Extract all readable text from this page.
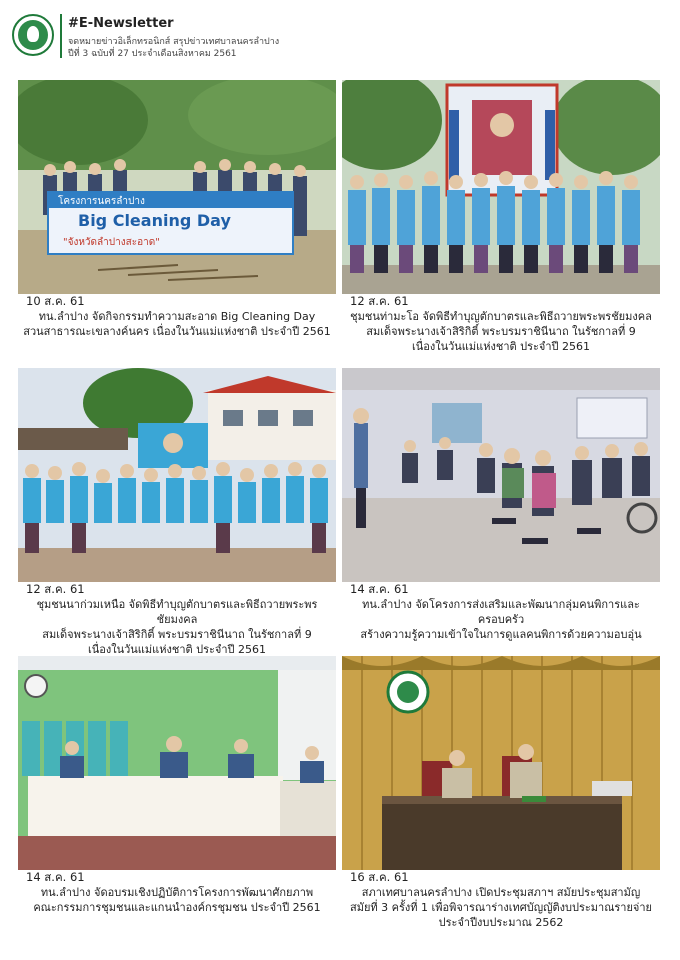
#E-Newsletter
จดหมายข่าวอิเล็กทรอนิกส์ สรุปข่าวเทศบาลนครลำปาง
ปีที่ 3 ฉบับที่ 27 ประจำเดือนสิงหาคม 2561
โครงการนครลำปาง
Big Cleaning Day
"จังหวัดลำปางสะอาด"
10 ส.ค. 61
ทน.ลำปาง จัดกิจกรรมทำความสะอาด Big Cleaning Day
สวนสาธารณะเขลางค์นคร เนื่องในวันแม่แห่งชาติ ประจำปี 2561
12 ส.ค. 61
ชุมชนท่ามะโอ จัดพิธีทำบุญตักบาตรและพิธีถวายพระพรชัยมงคล
สมเด็จพระนางเจ้าสิริกิติ์ พระบรมราชินีนาถ ในรัชกาลที่ 9
เนื่องในวันแม่แห่งชาติ ประจำปี 2561
12 ส.ค. 61
ชุมชนนาก่วมเหนือ จัดพิธีทำบุญตักบาตรและพิธีถวายพระพรชัยมงคล
สมเด็จพระนางเจ้าสิริกิติ์ พระบรมราชินีนาถ ในรัชกาลที่ 9
เนื่องในวันแม่แห่งชาติ ประจำปี 2561
14 ส.ค. 61
ทน.ลำปาง จัดโครงการส่งเสริมและพัฒนากลุ่มคนพิการและครอบครัว
สร้างความรู้ความเข้าใจในการดูแลคนพิการด้วยความอบอุ่น
14 ส.ค. 61
ทน.ลำปาง จัดอบรมเชิงปฏิบัติการโครงการพัฒนาศักยภาพ
คณะกรรมการชุมชนและแกนนำองค์กรชุมชน ประจำปี 2561
16 ส.ค. 61
สภาเทศบาลนครลำปาง เปิดประชุมสภาฯ สมัยประชุมสามัญ
สมัยที่ 3 ครั้งที่ 1 เพื่อพิจารณาร่างเทศบัญญัติงบประมาณรายจ่าย
ประจำปีงบประมาณ 2562
